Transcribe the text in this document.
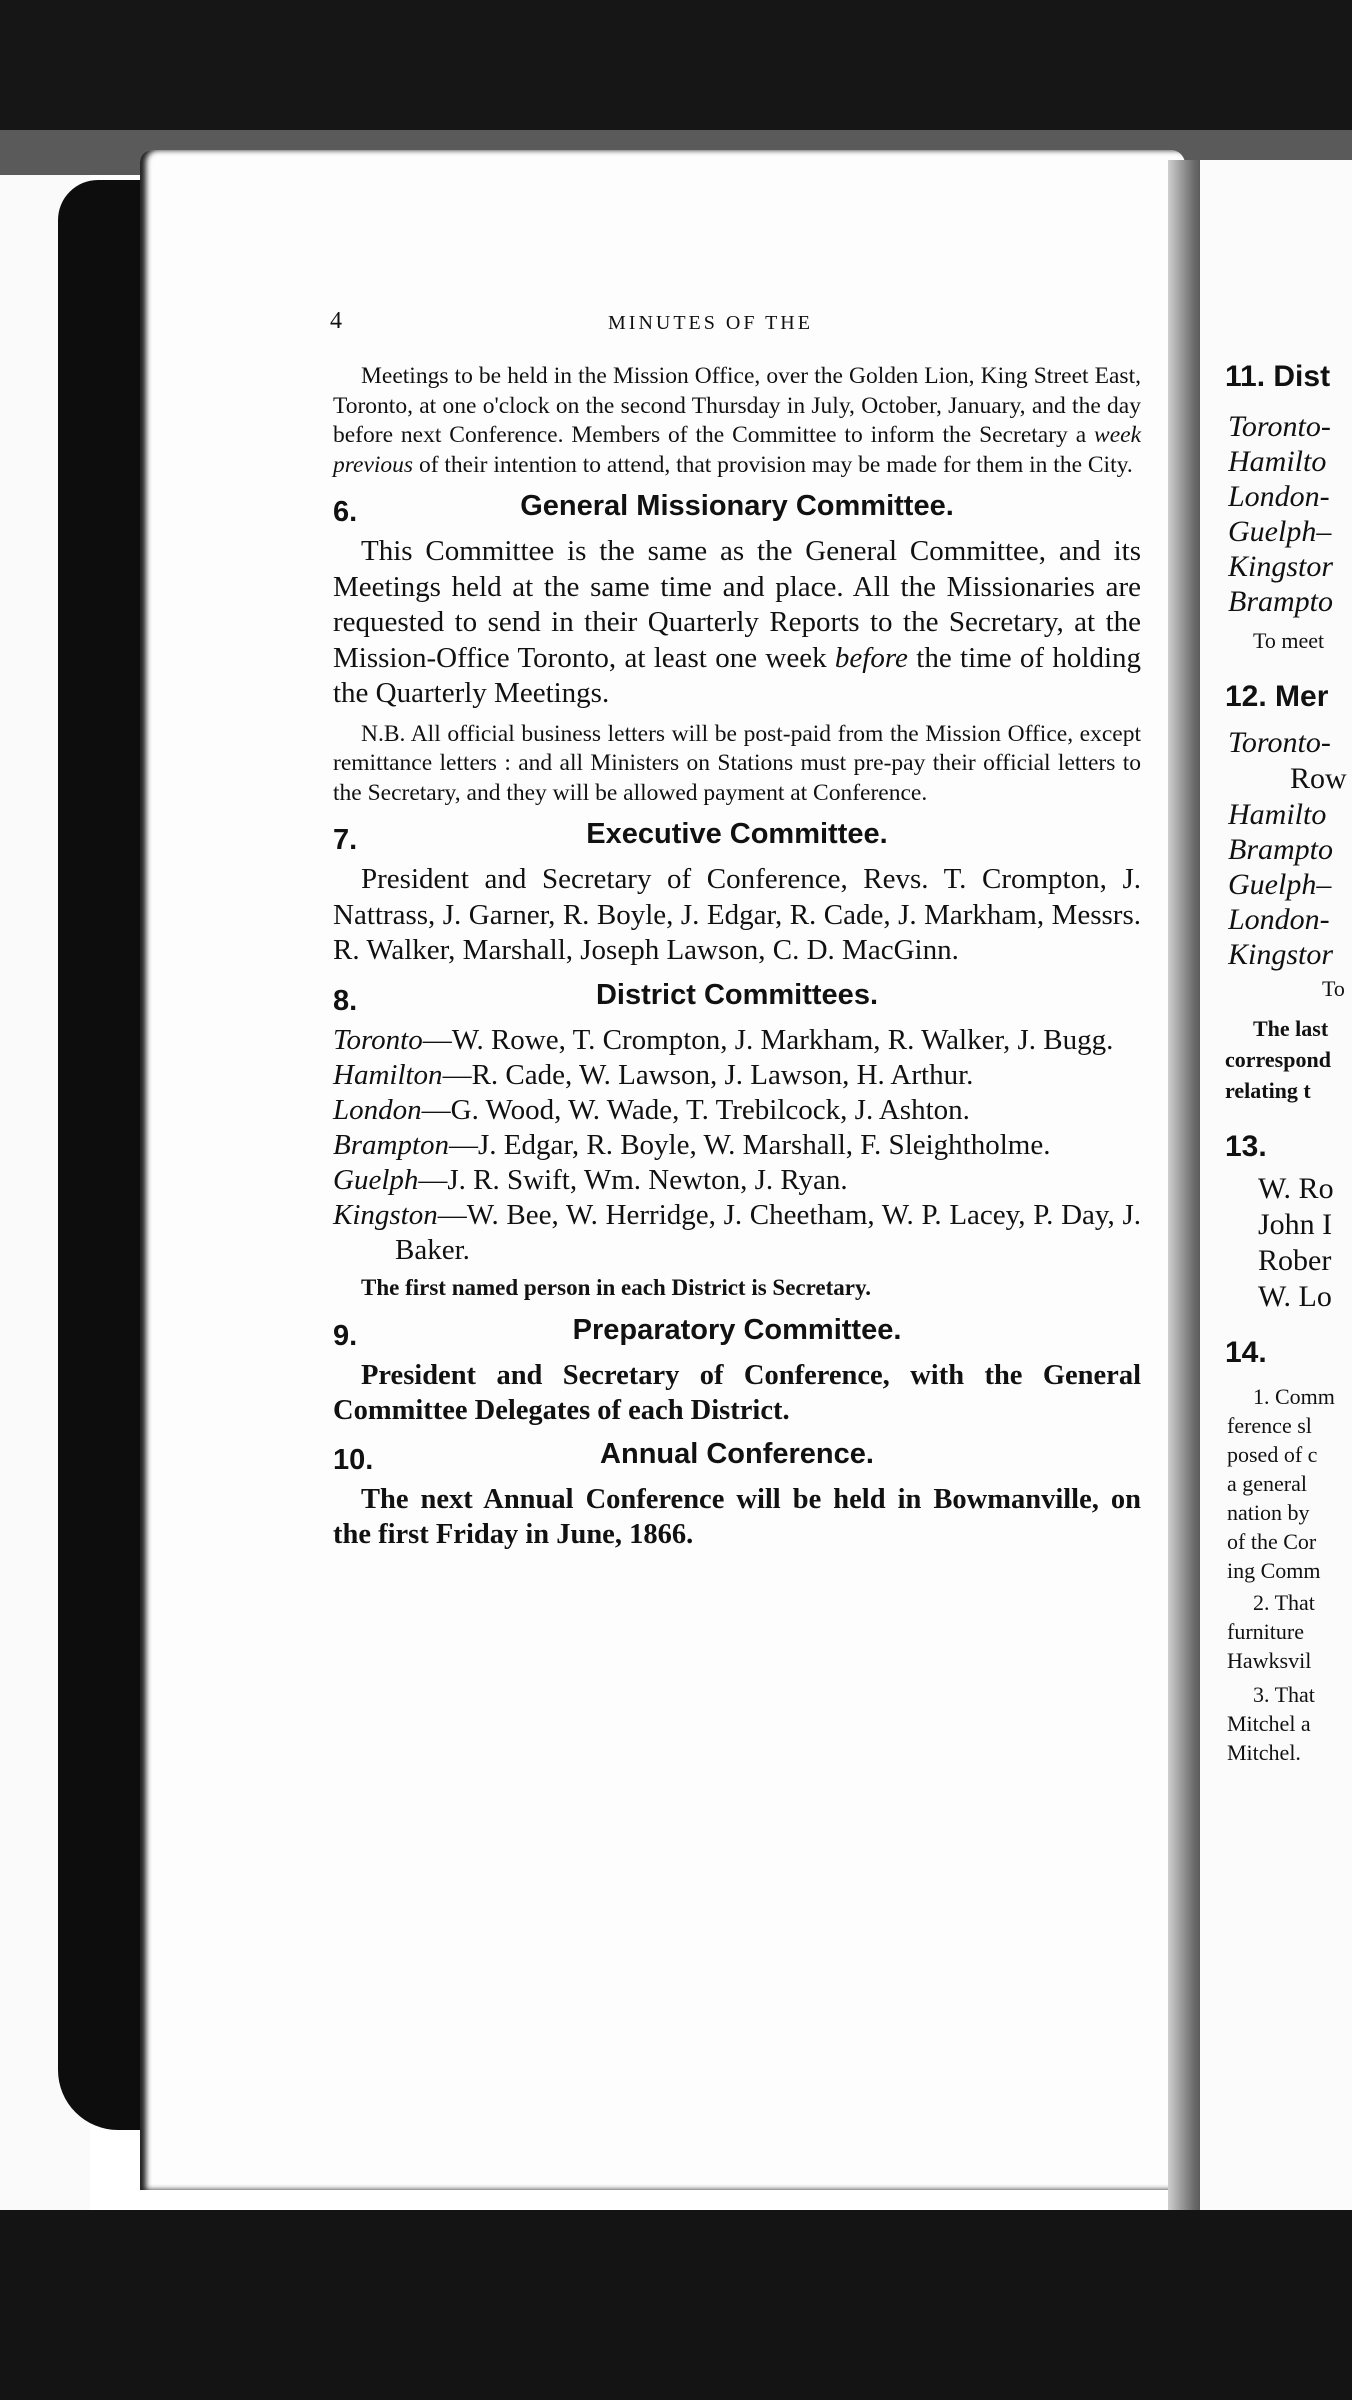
4	MINUTES OF THE

Meetings to be held in the Mission Office, over the Golden Lion, King Street East, Toronto, at one o'clock on the second Thursday in July, October, January, and the day before next Conference. Members of the Committee to inform the Secretary a week previous of their intention to attend, that provision may be made for them in the City.

6.	General Missionary Committee.

This Committee is the same as the General Committee, and its Meetings held at the same time and place. All the Missionaries are requested to send in their Quarterly Reports to the Secretary, at the Mission-Office Toronto, at least one week before the time of holding the Quarterly Meetings.

N.B. All official business letters will be post-paid from the Mission Office, except remittance letters : and all Ministers on Stations must pre-pay their official letters to the Secretary, and they will be allowed payment at Conference.

7.	Executive Committee.

President and Secretary of Conference, Revs. T. Crompton, J. Nattrass, J. Garner, R. Boyle, J. Edgar, R. Cade, J. Markham, Messrs. R. Walker, Marshall, Joseph Lawson, C. D. MacGinn.

8.	District Committees.

Toronto—W. Rowe, T. Crompton, J. Markham, R. Walker, J. Bugg.

Hamilton—R. Cade, W. Lawson, J. Lawson, H. Arthur.

London—G. Wood, W. Wade, T. Trebilcock, J. Ashton.

Brampton—J. Edgar, R. Boyle, W. Marshall, F. Sleightholme.

Guelph—J. R. Swift, Wm. Newton, J. Ryan.

Kingston—W. Bee, W. Herridge, J. Cheetham, W. P. Lacey, P. Day, J. Baker.

The first named person in each District is Secretary.

9.	Preparatory Committee.

President and Secretary of Conference, with the General Committee Delegates of each District.

10.	Annual Conference.

The next Annual Conference will be held in Bowmanville, on the first Friday in June, 1866.

11. Dist
Toronto-
Hamilto
London-
Guelph–
Kingstor
Brampto
To meet
12. Mer
Toronto-
Row
Hamilto
Brampto
Guelph–
London-
Kingstor
To
The last
correspond
relating t
13.
W. Ro
John I
Rober
W. Lo
14.
1. Comm
ference sl
posed of c
a general
nation by
of the Cor
ing Comm
2. That
furniture
Hawksvil
3. That
Mitchel a
Mitchel.
